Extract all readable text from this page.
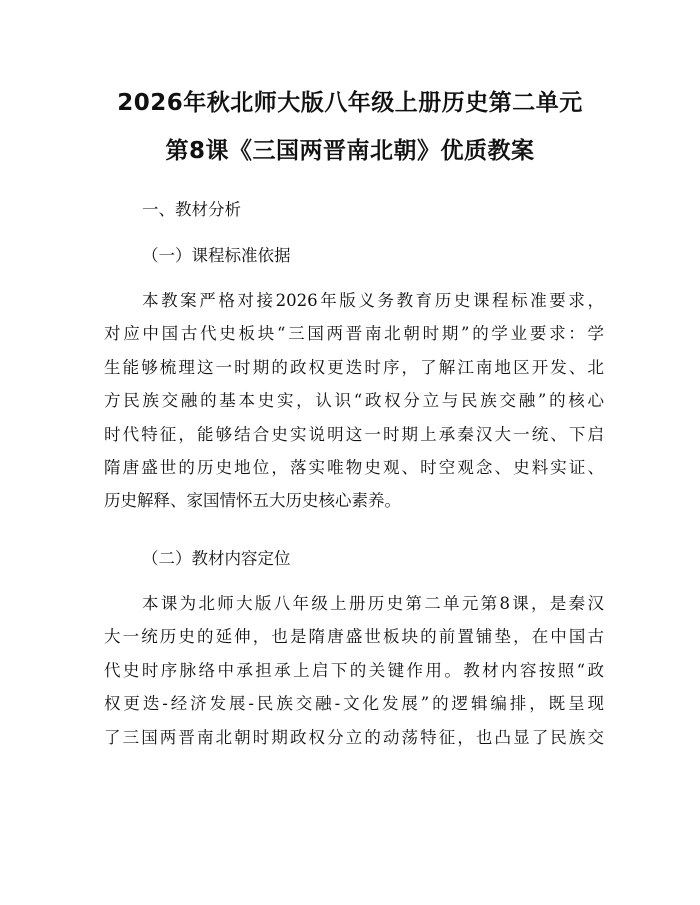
2026年秋北师大版八年级上册历史第二单元
第8课《三国两晋南北朝》优质教案
一、教材分析
（一）课程标准依据
本教案严格对接2026年版义务教育历史课程标准要求，
对应中国古代史板块“三国两晋南北朝时期”的学业要求：学
生能够梳理这一时期的政权更迭时序，了解江南地区开发、北
方民族交融的基本史实，认识“政权分立与民族交融”的核心
时代特征，能够结合史实说明这一时期上承秦汉大一统、下启
隋唐盛世的历史地位，落实唯物史观、时空观念、史料实证、
历史解释、家国情怀五大历史核心素养。
（二）教材内容定位
本课为北师大版八年级上册历史第二单元第8课，是秦汉
大一统历史的延伸，也是隋唐盛世板块的前置铺垫，在中国古
代史时序脉络中承担承上启下的关键作用。教材内容按照“政
权更迭-经济发展-民族交融-文化发展”的逻辑编排，既呈现
了三国两晋南北朝时期政权分立的动荡特征，也凸显了民族交
